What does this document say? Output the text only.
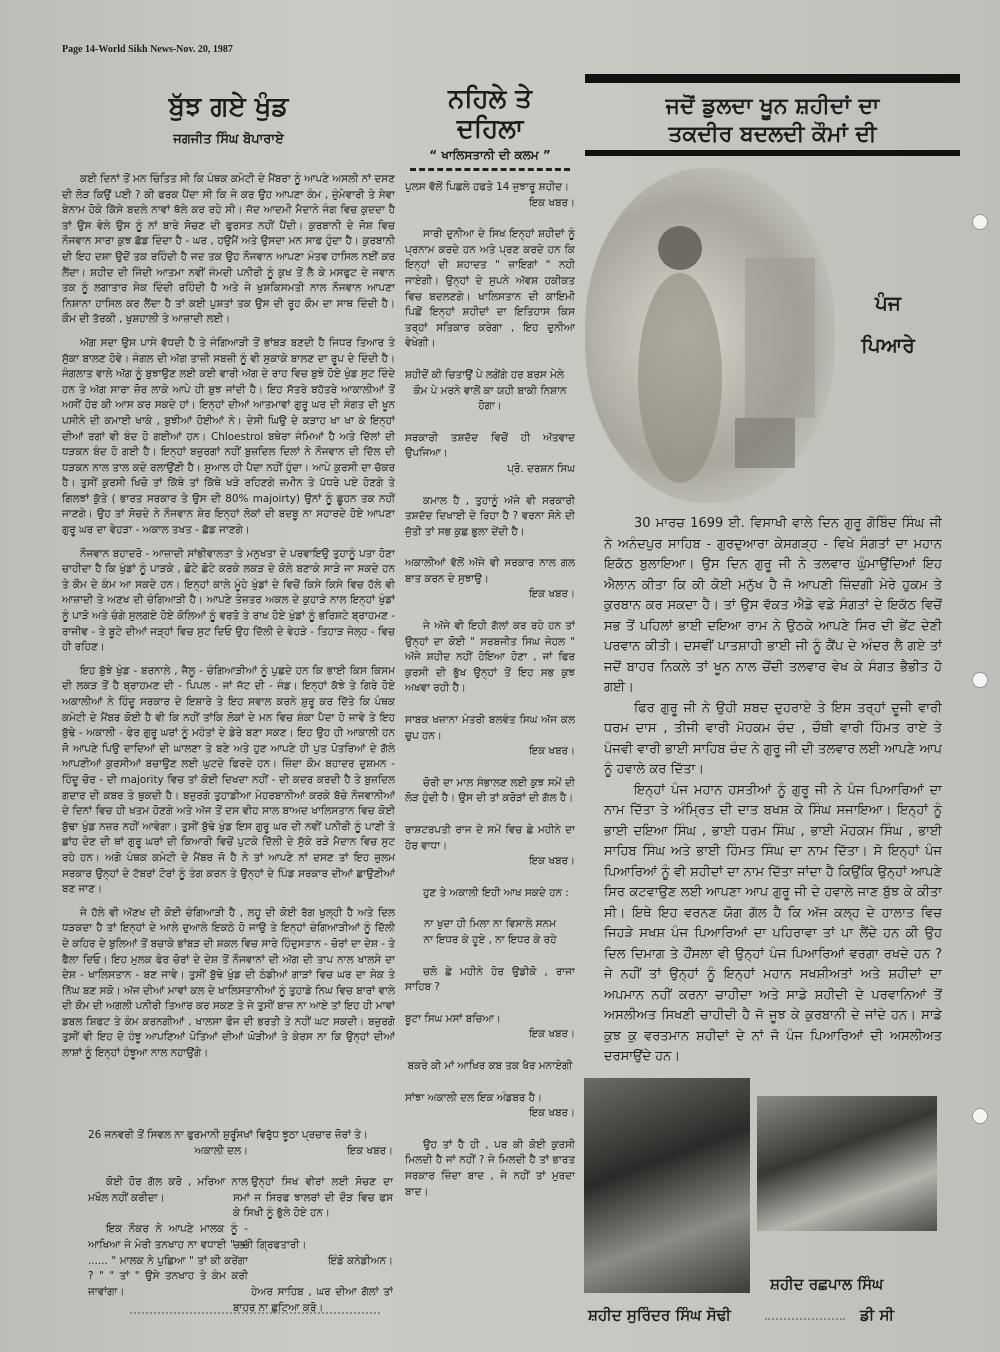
Page 14-World Sikh News-Nov. 20, 1987
ਬੁੱਝ ਗਏ ਖੁੰਡ
ਜਗਜੀਤ ਸਿੰਘ ਬੋਪਾਰਾਏ

ਕਈ ਦਿਨਾਂ ਤੋਂ ਮਨ ਚਿੰਤਿਤ ਸੀ ਕਿ ਪੰਥਕ ਕਮੇਟੀ ਦੇ ਮੈਂਬਰਾ ਨੂੰ ਆਪਣੇ ਅਸਲੀ ਨਾਂ ਦਸਣ ਦੀ ਲੋੜ ਕਿਉਂ ਪਈ ? ਕੀ ਫਰਕ ਪੈਂਦਾ ਸੀ ਕਿ ਜੇ ਕਰ ਉਹ ਆਪਣਾ ਕੰਮ , ਜ਼ੁੰਮੇਵਾਰੀ ਤੇ ਸੇਵਾ ਬੇਨਾਮ ਹੋਕੇ ਕਿੱਸੇ ਬਦਲੇ ਨਾਵਾਂ ਥੱਲੇ ਕਰ ਰਹੇ ਸੀ। ਜੱਦ ਆਦਮੀ ਮੈਦਾਨੇ ਜੰਗ ਵਿਚ ਕੁਦਦਾ ਹੈ ਤਾਂ ਉਸ ਵੇਲੇ ਉਸ ਨੂੰ ਨਾਂ ਬਾਰੇ ਸੋਚਣ ਦੀ ਫੁਰਸਤ ਨਹੀਂ ਪੈਂਦੀ। ਕੁਰਬਾਨੀ ਦੇ ਜੋਸ਼ ਵਿਚ ਨੌਜਵਾਨ ਸਾਰਾ ਕੁਝ ਛੱਡ ਦਿੰਦਾ ਹੈ - ਘਰ , ਹਉਮੈਂ ਅਤੇ ਉਸਦਾ ਮਨ ਸਾਫ ਹੁੰਦਾ ਹੈ। ਕੁਰਬਾਨੀ ਦੀ ਇਹ ਦਸ਼ਾ ਉਦੋਂ ਤਕ ਰਹਿੰਦੀ ਹੈ ਜਦ ਤਕ ਉਹ ਨੌਜਵਾਨ ਆਪਣਾ ਮੰਤਵ ਹਾਸਿਲ ਨਈਂ ਕਰ ਲੈਂਦਾ। ਸ਼ਹੀਦ ਦੀ ਜਿੰਦੀ ਆਤਮਾ ਨਵੀਂ ਜੰਮਦੀ ਪਨੀਰੀ ਨੂੰ ਕੁਖ ਤੋਂ ਲੈ ਕੇ ਮਸਫੁਟ ਦੇ ਜਵਾਨ ਤਕ ਨੂੰ ਲਗਾਤਾਰ ਸੇਕ ਦਿੰਦੀ ਰਹਿੰਦੀ ਹੈ ਅਤੇ ਜੇ ਖੁਸ਼ਕਿਸਮਤੀ ਨਾਲ ਨੌਜਵਾਨ ਆਪਣਾ ਨਿਸ਼ਾਨਾ ਹਾਸਿਲ ਕਰ ਲੈਂਦਾ ਹੈ ਤਾਂ ਕਈ ਪੁਸ਼ਤਾਂ ਤਕ ਉਸ ਦੀ ਰੂਹ ਕੌਮ ਦਾ ਸਾਥ ਦਿੰਦੀ ਹੈ। ਕੌਮ ਦੀ ਤੱਰਕੀ , ਖੁਸ਼ਹਾਲੀ ਤੇ ਆਜ਼ਾਦੀ ਲਈ।

ਅੱਗ ਸਦਾ ਉਸ ਪਾਸੇ ਵੱਧਦੀ ਹੈ ਤੇ ਜੰਗਿਆੜੀ ਤੋਂ ਭਾਂਬੜ ਬਣਦੀ ਹੈ ਜਿਧਰ ਤਿਆਰ ਤੇ ਸੁੱਕਾ ਬਾਲਣ ਹੋਵੇ। ਜੰਗਲ ਦੀ ਅੱਗ ਤਾਜ਼ੀ ਸਬਜ਼ੀ ਨੂੰ ਵੀ ਸੁਕਾਕੇ ਬਾਲਣ ਦਾ ਰੂਪ ਦੇ ਦਿੰਦੀ ਹੈ। ਜੰਗਲਾਤ ਵਾਲੇ ਅੱਗ ਨੂੰ ਬੁਝਾਉਣ ਲਈ ਕਈ ਵਾਰੀ ਅੱਗ ਦੇ ਰਾਹ ਵਿਚ ਬੁਝੇ ਹੋਏ ਖੁੰਡ ਸੁਟ ਦਿੰਦੇ ਹਨ ਤੇ ਅੱਗ ਸਾਰਾ ਜ਼ੋਰ ਲਾਕੇ ਆਪੇ ਹੀ ਬੁਝ ਜਾਂਦੀ ਹੈ। ਇਹ ਸੱਤਰੇ ਬਹੱਤਰੇ ਆਕਾਲੀਆਂ ਤੋਂ ਅਸੀਂ ਹੋਰ ਕੀ ਆਸ ਕਰ ਸਕਦੇ ਹਾਂ। ਇਨ੍ਹਾਂ ਦੀਆਂ ਆਤਮਾਵਾਂ ਗੁਰੂ ਘਰ ਦੀ ਸੰਗਤ ਦੀ ਖੂਨ ਪਸੀਨੇ ਦੀ ਕਮਾਈ ਖਾਕੇ , ਬੁਝੀਆਂ ਹੋਈਆਂ ਨੇ। ਦੇਸੀ ਘਿਉ ਦੇ ਕੜਾਹ ਖਾ ਖਾ ਕੇ ਇਨ੍ਹਾਂ ਦੀਆਂ ਰਗਾਂ ਵੀ ਬੰਦ ਹੋ ਗਈਆਂ ਹਨ। Chloestrol ਬਥੇਰਾ ਜੰਮਿਆਂ ਹੈ ਅਤੇ ਦਿੱਲਾਂ ਦੀ ਧੜਕਨ ਬੰਦ ਹੋ ਗਈ ਹੈ। ਇਨ੍ਹਾਂ ਬਜ਼ੁਰਗਾਂ ਨਹੀਂ ਬੁਜ਼ਦਿਲ ਦਿਲਾਂ ਨੇ ਨੌਜਵਾਨ ਦੀ ਦਿੱਲ ਦੀ ਧੜਕਨ ਨਾਲ ਤਾਲ ਕਦੇ ਰਲਾਉਂਣੀ ਹੈ। ਸੁਆਲ ਹੀ ਪੈਦਾ ਨਹੀਂ ਹੁੰਦਾ। ਆਪੇ ਕੁਰਸੀ ਦਾ ਚੱਕਰ ਹੈ। ਤੁਸੀਂ ਕੁਰਸੀ ਖਿਚੋ ਤਾਂ ਕਿੱਥੇ ਤਾਂ ਕਿੱਥੇ ਖੜੇ ਰਹਿਣਗੇ ਜ਼ਮੀਨ ਤੇ ਪੱਧਰੇ ਪਏ ਹੋਣਗੇ ਤੇ ਗਿਲਝਾਂ ਕੁੱਤੇ ( ਭਾਰਤ ਸਰਕਾਰ ਤੇ ਉਸ ਦੀ 80% majoirty) ਉਨਾਂ ਨੂੰ ਛੂਹਨ ਤਕ ਨਹੀਂ ਜਾਣਗੇ। ਉਹ ਤਾਂ ਸੋਚਦੇ ਨੇ ਨੌਜਵਾਨ ਸ਼ੇਰ ਇਨ੍ਹਾਂ ਲੋਕਾਂ ਦੀ ਬਦਬੂ ਨਾ ਸਹਾਰਦੇ ਹੋਏ ਆਪਣਾ ਗੁਰੂ ਘਰ ਦਾ ਵੇਹੜਾ - ਅਕਾਲ ਤਖਤ - ਛੱਡ ਜਾਣਗੇ।

ਨੌਜਵਾਨ ਬਹਾਦਰੋ - ਆਜ਼ਾਦੀ ਸਾਂਭੀਵਾਲਤਾ ਤੇ ਮਨੁਖਤਾ ਦੇ ਪਰਵਾਇਉ ਤੁਹਾਨੂੰ ਪਤਾ ਹੋਣਾ ਚਾਹੀਦਾ ਹੈ ਕਿ ਖੁੰਡਾਂ ਨੂੰ ਪਾੜਕੇ , ਛੋਟੇ ਛੋਟੇ ਕਰਕੇ ਲਕੜ ਦੇ ਕੋਲੇ ਬਣਾਕੇ ਸਾੜੇ ਜਾ ਸਕਦੇ ਹਨ ਤੇ ਕੌਮ ਦੇ ਕੰਮ ਆ ਸਕਦੇ ਹਨ। ਇਨ੍ਹਾਂ ਕਾਲੇ ਮੂੰਹੇ ਖੁੰਡਾਂ ਦੇ ਵਿਚੋਂ ਕਿਸੇ ਕਿਸੇ ਵਿਚ ਹੱਲੇ ਵੀ ਆਜ਼ਾਦੀ ਤੇ ਅਣਖ ਦੀ ਚੰਗਿਆੜੀ ਹੈ। ਆਪਣੇ ਤੇਜ਼ਤਰ ਅਕਲ ਦੇ ਕੁਹਾੜੇ ਨਾਲ ਇਨ੍ਹਾਂ ਖੁੰਡਾਂ ਨੂੰ ਪਾੜੋ ਅਤੇ ਚੰਗੇ ਸੁਲਗਏ ਹੋਏ ਕੋਲਿਆਂ ਨੂੰ ਵਰਤੋ ਤੇ ਰਾਖ ਹੋਏ ਖੁੰਡਾਂ ਨੂੰ ਭਰਿਸ਼ਟੇ ਬ੍ਰਾਹਮਣ - ਰਾਜੀਵ - ਤੇ ਬੂਟੇ ਦੀਆਂ ਜੜ੍ਹਾਂ ਵਿਚ ਸੁਟ ਦਿਓ ਉਹ ਦਿੱਲੀ ਦੇ ਵੇਹੜੇ - ਤਿਹਾੜ ਜੇਲ੍ਹ - ਵਿਚ ਹੀ ਰਹਿਣ।

ਇਹ ਬੁੱਝੇ ਖੁੰਡ - ਬਰਨਾਲੇ , ਜੈਲੂ - ਚੰਗਿਆੜੀਆਂ ਨੂੰ ਪੁਛਦੇ ਹਨ ਕਿ ਭਾਈ ਕਿਸ ਕਿਸਮ ਦੀ ਲਕੜ ਤੋਂ ਹੈ ਬ੍ਰਾਹਮਣ ਦੀ - ਪਿਪਲ - ਜਾਂ ਜੱਟ ਦੀ - ਜੰਡ। ਇਨ੍ਹਾਂ ਕੱਝੇ ਤੇ ਗਿਰੇ ਹੋਏ ਅਕਾਲੀਆਂ ਨੇ ਹਿੰਦੂ ਸਰਕਾਰ ਦੇ ਇਸ਼ਾਰੇ ਤੇ ਇਹ ਸਵਾਲ ਕਰਨੇ ਸ਼ੁਰੂ ਕਰ ਦਿੱਤੇ ਕਿ ਪੰਥਕ ਕਮੇਟੀ ਦੇ ਮੈਂਬਰ ਕੋਈ ਹੈ ਵੀ ਕਿ ਨਹੀਂ ਤਾਂਕਿ ਲੋਕਾਂ ਦੇ ਮਨ ਵਿਚ ਸ਼ੰਕਾ ਪੈਦਾ ਹੋ ਜਾਵੇ ਤੇ ਇਹ ਬੁੱਢੇ - ਅਕਾਲੀ - ਫੇਰ ਗੁਰੂ ਘਰਾਂ ਨੂੰ ਮਹੰਤਾਂ ਦੇ ਡੇਰੇ ਬਣਾ ਸਕਣ। ਇਹ ਉਹ ਹੀ ਆਕਾਲੀ ਹਨ ਜੋ ਆਪਣੇ ਪਿਉ ਦਾਦਿਆਂ ਦੀ ਘਾਲਣਾ ਤੇ ਬਣੇ ਅਤੇ ਹੁਣ ਆਪਣੇ ਹੀ ਪੁਤ ਪੋਤਰਿਆਂ ਦੇ ਗੱਲੇ ਆਪਣੀਆਂ ਕੁਰਸੀਆਂ ਬਚਾਉਣ ਲਈ ਘੁਟਦੇ ਫਿਰਦੇ ਹਨ। ਜ਼ਿੰਦਾ ਕੌਮ ਬਹਾਦਰ ਦੁਸ਼ਮਨ - ਹਿੰਦੂ ਚੋਰ - ਦੀ majority ਵਿਚ ਤਾਂ ਕੋਈ ਦਿਖਦਾ ਨਹੀਂ - ਦੀ ਕਦਰ ਕਰਦੀ ਹੈ ਤੇ ਬੁਜ਼ਦਿਲ ਗਦਾਰ ਦੀ ਕਬਰ ਤੇ ਥੁਕਦੀ ਹੈ। ਬਜ਼ੁਰਗੋ ਤੁਹਾਡੀਆ ਮੇਹਰਬਾਨੀਆਂ ਕਰਕੇ ਬੱਚੇ ਨੌਜਵਾਨੀਆਂ ਦੇ ਦਿਨਾਂ ਵਿਚ ਹੀ ਖਤਮ ਹੋਣਗੇ ਅਤੇ ਅੱਜ ਤੋਂ ਦਸ ਵੀਹ ਸਾਲ ਬਾਅਦ ਖਾਲਿਸਤਾਨ ਵਿਚ ਕੋਈ ਬੁੱਢਾ ਖੁੰਡ ਨਜ਼ਰ ਨਹੀਂ ਆਵੇਗਾ। ਤੁਸੀਂ ਬੁੱਢੇ ਖੁੰਡ ਇਸ ਗੁਰੂ ਘਰ ਦੀ ਨਵੀਂ ਪਨੀਰੀ ਨੂੰ ਪਾਣੀ ਤੇ ਛਾਂਹ ਦੇਣ ਦੀ ਥਾਂ ਗੁਰੂ ਘਰਾਂ ਦੀ ਕਿਆਰੀ ਵਿਚੋਂ ਪੁਟਕੇ ਦਿੱਲੀ ਦੇ ਸੁੱਕੇ ਰੜੇ ਮੈਦਾਨ ਵਿਚ ਸੁਟ ਰਹੇ ਹਨ। ਅਗੋ ਪੰਥਕ ਕਮੇਟੀ ਦੇ ਮੈਂਬਰ ਜੋ ਹੈ ਨੇ ਤਾਂ ਆਪਣੇ ਨਾਂ ਦਸਣ ਤਾਂ ਇਹ ਜ਼ੁਲਮ ਸਰਕਾਰ ਉਨ੍ਹਾਂ ਦੇ ਟੱਬਰਾਂ ਟੋਰਾਂ ਨੂੰ ਤੰਗ ਕਰਨ ਤੇ ਉਨ੍ਹਾਂ ਦੇ ਪਿੰਡ ਸਰਕਾਰ ਦੀਆਂ ਛਾਉਣੀਆਂ ਬਣ ਜਾਣ।

ਜੇ ਹੱਲੇ ਵੀ ਅੱਣਖ ਦੀ ਕੋਈ ਚੰਗਿਆੜੀ ਹੈ , ਲਹੂ ਦੀ ਕੋਈ ਰੱਗ ਖੁਲ੍ਹੀ ਹੈ ਅਤੇ ਦਿਲ ਧੜਕਦਾ ਹੈ ਤਾਂ ਇਨ੍ਹਾਂ ਦੇ ਆਲੇ ਦੁਆਲੇ ਇਕਠੇ ਹੋ ਜਾਉ ਤੇ ਇਨ੍ਹਾਂ ਚੰਗਿਆੜੀਆਂ ਨੂੰ ਦਿੱਲੀ ਦੇ ਕਹਿਰ ਦੇ ਬੁਲਿਆਂ ਤੋਂ ਬਚਾਕੇ ਭਾਂਬੜ ਦੀ ਸ਼ਕਲ ਵਿਚ ਸਾਰੇ ਹਿੰਦੁਸਤਾਨ - ਚੋਰਾਂ ਦਾ ਦੇਸ਼ - ਤੇ ਫੈਲਾ ਦਿਓ। ਇਹ ਮੁਲਕ ਫੇਰ ਚੋਰਾਂ ਦੇ ਦੇਸ਼ ਤੋਂ ਨੌਜਵਾਨਾਂ ਦੀ ਅੱਗ ਦੀ ਤਾਪ ਨਾਲ ਖਾਲਸੇ ਦਾ ਦੇਸ਼ - ਖਾਲਿਸਤਾਨ - ਬਣ ਜਾਵੇ। ਤੁਸੀਂ ਬੁੱਢੇ ਖੁੰਡ ਦੀ ਠੰਡੀਆਂ ਗਾੜਾਂ ਵਿਚ ਘਰ ਦਾ ਸੇਕ ਤੇ ਨਿੱਘ ਬਣ ਸਕੋ। ਅੱਜ ਦੀਆਂ ਮਾਵਾਂ ਕਲ ਦੇ ਖਾਲਿਸਤਾਨੀਆਂ ਨੂੰ ਤੁਹਾਡੇ ਨਿਘ ਵਿਚ ਬਾਰਾਂ ਵਾਲੇ ਦੀ ਕੌਮ ਦੀ ਅਗਲੀ ਪਨੀਰੀ ਤਿਆਰ ਕਰ ਸਕਣ ਤੇ ਜੇ ਤੁਸੀਂ ਬਾਜ਼ ਨਾ ਆਏ ਤਾਂ ਇਹ ਹੀ ਮਾਵਾਂ ਡਬਲ ਸ਼ਿਫਟ ਤੇ ਕੰਮ ਕਰਨਗੀਆਂ , ਖਾਲਸਾ ਫੌਜ ਦੀ ਭਰਤੀ ਤੇ ਨਹੀਂ ਘਟ ਸਕਦੀ। ਬਜ਼ੁਰਗੋ ਤੁਸੀਂ ਵੀ ਇਹ ਦੋ ਹੰਝੂ ਆਪਣਿਆਂ ਪੋਤਿਆਂ ਦੀਆਂ ਘੋੜੀਆਂ ਤੇ ਕੇਰਸ ਨਾ ਕਿ ਉਨ੍ਹਾਂ ਦੀਆਂ ਲਾਸ਼ਾਂ ਨੂੰ ਇਨ੍ਹਾਂ ਹੰਝੂਆ ਨਾਲ ਨਹਾਉਂਗੇ।

26 ਜਨਵਰੀ ਤੋਂ ਸਿਵਲ ਨਾ ਫੁਰਮਾਨੀ ਸ਼ੁਰੂ

ਅਕਾਲੀ ਦਲ।

ਕੋਈ ਹੋਰ ਗੱਲ ਕਰੋ , ਮਰਿਆ ਨਾਲ ਮਖੌਲ ਨਹੀਂ ਕਰੀਦਾ।

ਇਕ ਨੌਕਰ ਨੇ ਆਪਣੇ ਮਾਲਕ ਨੂੰ - ਆਖਿਆ ਜੇ ਮੇਰੀ ਤਨਖਾਹ ਨਾ ਵਧਾਈ " ਤਾਂ ...... " ਮਾਲਕ ਨੇ ਪੁਛਿਆ " ਤਾਂ ਕੀ ਕਰੇਂਗਾ ? " " ਤਾਂ " ਉਸੇ ਤਨਖਾਹ ਤੇ ਕੰਮ ਕਰੀ ਜਾਵਾਂਗਾ।

ਸਿਖਾਂ ਵਿਰੁੱਧ ਝੂਠਾ ਪ੍ਰਚਾਰ ਜ਼ੋਰਾਂ ਤੇ।

ਇਕ ਖਬਰ।

ਉਨ੍ਹਾਂ ਸਿਖ ਵੀਰਾਂ ਲਈ ਸੋਚਣ ਦਾ ਸਮਾਂ ਜ ਸਿਰਫ ਝਾਲਰਾਂ ਦੀ ਦੌੜ ਵਿਚ ਫਸ ਕੇ ਸਿਖੀ ਨੂੰ ਭੁੱਲੇ ਹੋਏ ਹਨ।

ਚਾਚੀ ਗ੍ਰਿਫਤਾਰੀ।

ਇੰਡੋ ਕਨੇਡੀਅਨ।

ਹੇਅਰ ਸਾਹਿਬ , ਘਰ ਦੀਆ ਗੱਲਾਂ ਤਾਂ ਬਾਹਰ ਨਾ ਛੁਟਿਆ ਕਰੋ।

ਨਹਿਲੇ ਤੇ
ਦਹਿਲਾ
“ ਖਾਲਿਸਤਾਨੀ ਦੀ ਕਲਮ ”

ਪੁਲਸ ਵੱਲੋਂ ਪਿਛਲੇ ਹਫਤੇ 14 ਜੁਝਾਰੂ ਸ਼ਹੀਦ।

ਇਕ ਖਬਰ।

ਸਾਰੀ ਦੁਨੀਆ ਦੇ ਸਿਖ ਇਨ੍ਹਾਂ ਸ਼ਹੀਦਾਂ ਨੂੰ ਪ੍ਰਨਾਮ ਕਰਦੇ ਹਨ ਅਤੇ ਪ੍ਰਣ ਕਰਦੇ ਹਨ ਕਿ ਇਨ੍ਹਾਂ ਦੀ ਸ਼ਹਾਦਤ " ਜ਼ਾਇਗਾਂ " ਨਹੀ ਜਾਏਗੀ। ਉਨ੍ਹਾਂ ਦੇ ਸੁਪਨੇ ਅੱਵਸ਼ ਹਕੀਕਤ ਵਿਚ ਬਦਲਣਗੇ। ਖਾਲਿਸਤਾਨ ਦੀ ਕਾਇਮੀ ਪਿਛੋਂ ਇਨ੍ਹਾਂ ਸ਼ਹੀਦਾਂ ਦਾ ਇਤਿਹਾਸ ਕਿਸ ਤਰ੍ਹਾਂ ਸਤਿਕਾਰ ਕਰੇਗਾ , ਇਹ ਦੁਨੀਆ ਵੇਖੇਗੀ।

ਸ਼ਹੀਦੋਂ ਕੀ ਚਿਤਾਉਂ ਪੇ ਲਗੇਂਗੇ ਹਰ ਬਰਸ ਮੇਲੇ

ਕੌਮ ਪੇ ਮਰਨੇ ਵਾਲੋਂ ਕਾ ਯਹੀ ਬਾਕੀ ਨਿਸ਼ਾਨ ਹੋਗਾ।

ਸਰਕਾਰੀ ਤਸ਼ਦੱਦ ਵਿਚੋਂ ਹੀ ਅੱਤਵਾਦ ਉਪਜਿਆ।

ਪ੍ਰੋ. ਦਰਸ਼ਨ ਸਿਘ

ਕਮਾਲ ਹੈ , ਤੁਹਾਨੂੰ ਅੱਜੇ ਵੀ ਸਰਕਾਰੀ ਤਸ਼ਦੱਦ ਦਿਖਾਈ ਦੇ ਰਿਹਾ ਹੈ ? ਵਰਨਾ ਸੋਨੇ ਦੀ ਜੁੱਤੀ ਤਾਂ ਸਭ ਕੁਛ ਭੁਲਾ ਦੇਂਦੀ ਹੈ।

ਅਕਾਲੀਆਂ ਵੱਲੋਂ ਅੱਜੇ ਵੀ ਸਰਕਾਰ ਨਾਲ ਗਲ ਬਾਤ ਕਰਨ ਦੇ ਸੁਝਾਉ।

ਇਕ ਖਬਰ।

ਜੇ ਅੱਜੇ ਵੀ ਇਹੀ ਗੱਲਾਂ ਕਰ ਰਹੇ ਹਨ ਤਾਂ ਉਨ੍ਹਾਂ ਦਾ ਕੋਈ " ਸਰਬਜੀਤ ਸਿਘ ਜੇਹਲ " ਅੱਜੇ ਸ਼ਹੀਦ ਨਹੀਂ ਹੋਇਆ ਹੋਣਾ , ਜਾਂ ਫਿਰ ਕੁਰਸੀ ਦੀ ਭੁੱਖ ਉਨ੍ਹਾਂ ਤੋਂ ਇਹ ਸਭ ਕੁਝ ਅਖਵਾ ਰਹੀ ਹੈ।

ਸਾਬਕ ਖਜ਼ਾਨਾ ਮੰਤਰੀ ਬਲਵੰਤ ਸਿਘ ਅੱਜ ਕਲ ਚੁਪ ਹਨ।

ਇਕ ਖਬਰ।

ਚੋਰੀ ਦਾ ਮਾਲ ਸੰਭਾਲਣ ਲਈ ਕੁਝ ਸਮੇਂ ਦੀ ਲੋੜ ਹੁੰਦੀ ਹੈ। ਉਸ ਦੀ ਤਾਂ ਕਰੋੜਾਂ ਦੀ ਗੱਲ ਹੈ।

ਰਾਸ਼ਟਰਪਤੀ ਰਾਜ ਦੇ ਸਮੇਂ ਵਿਚ ਛੇ ਮਹੀਨੇ ਦਾ ਹੋਰ ਵਾਧਾ।

ਇਕ ਖਬਰ।

ਹੁਣ ਤੇ ਅਕਾਲੀ ਇਹੀ ਆਖ ਸਕਦੇ ਹਨ :

ਨਾ ਖੁਦਾ ਹੀ ਮਿਲਾ ਨਾ ਵਿਸਾਲੇ ਸਨਮ

ਨਾ ਇਧਰ ਕੇ ਹੂਏ , ਨਾ ਇਧਰ ਕੇ ਰਹੇ

ਚਲੋ ਛੇ ਮਹੀਨੇ ਹੋਰ ਉਡੀਕੋ , ਰਾਜਾ ਸਾਹਿਬ ?

ਬੂਟਾ ਸਿਘ ਮਸਾਂ ਬਚਿਆ।

ਇਕ ਖਬਰ।

ਬਕਰੇ ਕੀ ਮਾਂ ਆਖਿਰ ਕਬ ਤਕ ਖੈਰ ਮਨਾਏਗੀ

ਸਾਂਝਾ ਅਕਾਲੀ ਦਲ ਇਕ ਅੰਡਬਰ ਹੈ।

ਇਕ ਖਬਰ।

ਉਹ ਤਾਂ ਹੈ ਹੀ , ਪਰ ਕੀ ਕੋਈ ਕੁਰਸੀ ਮਿਲਦੀ ਹੈ ਜਾਂ ਨਹੀਂ ? ਜੇ ਮਿਲਦੀ ਹੈ ਤਾਂ ਭਾਰਤ ਸਰਕਾਰ ਜ਼ਿੰਦਾ ਬਾਦ , ਜੇ ਨਹੀਂ ਤਾਂ ਮੁਰਦਾ ਬਾਦ।

ਜਦੋਂ ਡੁਲਦਾ ਖੂਨ ਸ਼ਹੀਦਾਂ ਦਾ
ਤਕਦੀਰ ਬਦਲਦੀ ਕੌਮਾਂ ਦੀ
ਪੰਜ
ਪਿਆਰੇ

30 ਮਾਰਚ 1699 ਈ. ਵਿਸਾਖੀ ਵਾਲੇ ਦਿਨ ਗੁਰੂ ਗੋਬਿੰਦ ਸਿੰਘ ਜੀ ਨੇ ਅਨੰਦਪੁਰ ਸਾਹਿਬ - ਗੁਰਦੁਆਰਾ ਕੇਸਗੜ੍ਹ - ਵਿਖੇ ਸੰਗਤਾਂ ਦਾ ਮਹਾਨ ਇਕੱਠ ਬੁਲਾਇਆ। ਉਸ ਦਿਨ ਗੁਰੂ ਜੀ ਨੇ ਤਲਵਾਰ ਘੁੰਮਾਉਂਦਿਆਂ ਇਹ ਐਲਾਨ ਕੀਤਾ ਕਿ ਕੀ ਕੋਈ ਮਨੁੱਖ ਹੈ ਜੋ ਆਪਣੀ ਜ਼ਿੰਦਗੀ ਮੇਰੇ ਹੁਕਮ ਤੇ ਕੁਰਬਾਨ ਕਰ ਸਕਦਾ ਹੈ। ਤਾਂ ਉਸ ਵੱਕਤ ਐਡੇ ਵਡੇ ਸੰਗਤਾਂ ਦੇ ਇਕੱਠ ਵਿਚੋਂ ਸਭ ਤੋਂ ਪਹਿਲਾਂ ਭਾਈ ਦਇਆ ਰਾਮ ਨੇ ਉਠਕੇ ਆਪਣੇ ਸਿਰ ਦੀ ਭੇਂਟ ਦੇਣੀ ਪਰਵਾਨ ਕੀਤੀ। ਦਸਵੀਂ ਪਾਤਸ਼ਾਹੀ ਭਾਈ ਜੀ ਨੂੰ ਕੈਂਪ ਦੇ ਅੰਦਰ ਲੈ ਗਏ ਤਾਂ ਜਦੋਂ ਬਾਹਰ ਨਿਕਲੇ ਤਾਂ ਖੂਨ ਨਾਲ ਚੋਂਦੀ ਤਲਵਾਰ ਵੇਖ ਕੇ ਸੰਗਤ ਭੈਭੀਤ ਹੋ ਗਈ।

ਫਿਰ ਗੁਰੂ ਜੀ ਨੇ ਉਹੀ ਸ਼ਬਦ ਦੁਹਰਾਏ ਤੇ ਇਸ ਤਰ੍ਹਾਂ ਦੂਜੀ ਵਾਰੀ ਧਰਮ ਦਾਸ , ਤੀਜੀ ਵਾਰੀ ਮੋਹਕਮ ਚੰਦ , ਚੌਥੀ ਵਾਰੀ ਹਿੰਮਤ ਰਾਏ ਤੇ ਪੰਜਵੀ ਵਾਰੀ ਭਾਈ ਸਾਹਿਬ ਚੰਦ ਨੇ ਗੁਰੂ ਜੀ ਦੀ ਤਲਵਾਰ ਲਈ ਆਪਣੇ ਆਪ ਨੂੰ ਹਵਾਲੇ ਕਰ ਦਿੱਤਾ।

ਇਨ੍ਹਾਂ ਪੰਜ ਮਹਾਨ ਹਸਤੀਆਂ ਨੂੰ ਗੁਰੂ ਜੀ ਨੇ ਪੰਜ ਪਿਆਰਿਆਂ ਦਾ ਨਾਮ ਦਿੱਤਾ ਤੇ ਅੰਮ੍ਰਿਤ ਦੀ ਦਾਤ ਬਖਸ਼ ਕੇ ਸਿੰਘ ਸਜਾਇਆ। ਇਨ੍ਹਾਂ ਨੂੰ ਭਾਈ ਦਇਆ ਸਿੰਘ , ਭਾਈ ਧਰਮ ਸਿੰਘ , ਭਾਈ ਮੋਹਕਮ ਸਿੰਘ , ਭਾਈ ਸਾਹਿਬ ਸਿੰਘ ਅਤੇ ਭਾਈ ਹਿੰਮਤ ਸਿੰਘ ਦਾ ਨਾਮ ਦਿੱਤਾ। ਸੋ ਇਨ੍ਹਾਂ ਪੰਜ ਪਿਆਰਿਆਂ ਨੂੰ ਵੀ ਸ਼ਹੀਦਾਂ ਦਾ ਨਾਮ ਦਿੱਤਾ ਜਾਂਦਾ ਹੈ ਕਿਉਂਕਿ ਉਨ੍ਹਾਂ ਆਪਣੇ ਸਿਰ ਕਟਵਾਉਣ ਲਈ ਆਪਣਾ ਆਪ ਗੁਰੂ ਜੀ ਦੇ ਹਵਾਲੇ ਜਾਣ ਬੁੱਝ ਕੇ ਕੀਤਾ ਸੀ। ਇਥੇ ਇਹ ਵਰਨਣ ਯੋਗ ਗੱਲ ਹੈ ਕਿ ਅੱਜ ਕਲ੍ਹ ਦੇ ਹਾਲਾਤ ਵਿਚ ਜਿਹੜੇ ਸਖਸ਼ ਪੰਜ ਪਿਆਰਿਆਂ ਦਾ ਪਹਿਰਾਵਾ ਤਾਂ ਪਾ ਲੈਂਦੇ ਹਨ ਕੀ ਉਹ ਦਿਲ ਦਿਮਾਗ ਤੇ ਹੌਂਸਲਾ ਵੀ ਉਨ੍ਹਾਂ ਪੰਜ ਪਿਆਰਿਆਂ ਵਰਗਾ ਰਖਦੇ ਹਨ ? ਜੇ ਨਹੀਂ ਤਾਂ ਉਨ੍ਹਾਂ ਨੂੰ ਇਨ੍ਹਾਂ ਮਹਾਨ ਸਖਸ਼ੀਅਤਾਂ ਅਤੇ ਸ਼ਹੀਦਾਂ ਦਾ ਅਪਮਾਨ ਨਹੀਂ ਕਰਨਾ ਚਾਹੀਦਾ ਅਤੇ ਸਾਡੇ ਸ਼ਹੀਦੀ ਦੇ ਪਰਵਾਨਿਆਂ ਤੋਂ ਅਸਲੀਅਤ ਸਿਖਣੀ ਚਾਹੀਦੀ ਹੈ ਜੋ ਜੂਝ ਕੇ ਕੁਰਬਾਨੀ ਦੇ ਜਾਂਦੇ ਹਨ। ਸਾਡੇ ਕੁਝ ਕੁ ਵਰਤਮਾਨ ਸ਼ਹੀਦਾਂ ਦੇ ਨਾਂ ਜੋ ਪੰਜ ਪਿਆਰਿਆਂ ਦੀ ਅਸਲੀਅਤ ਦਰਸਾਉਂਦੇ ਹਨ।

ਸ਼ਹੀਦ ਰਛਪਾਲ ਸਿੰਘ
ਸ਼ਹੀਦ ਸੁਰਿੰਦਰ ਸਿੰਘ ਸੋਢੀ	ਡੀ ਸੀ
